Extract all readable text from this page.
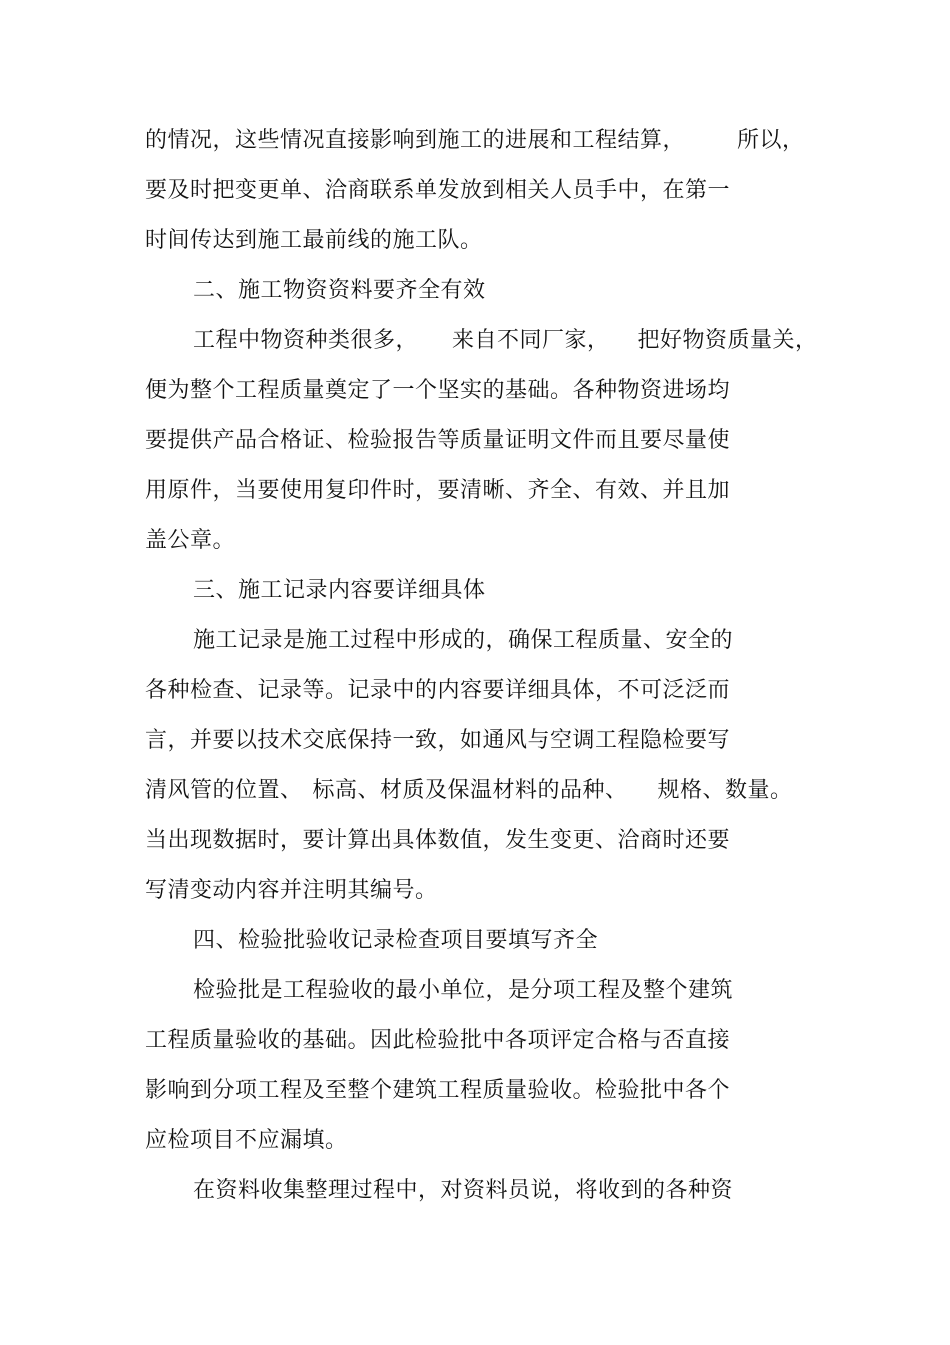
的情况，这些情况直接影响到施工的进展和工程结算， 所以，
要及时把变更单、洽商联系单发放到相关人员手中，在第一
时间传达到施工最前线的施工队。
二、施工物资资料要齐全有效
工程中物资种类很多， 来自不同厂家， 把好物资质量关，
便为整个工程质量奠定了一个坚实的基础。各种物资进场均
要提供产品合格证、检验报告等质量证明文件而且要尽量使
用原件，当要使用复印件时，要清晰、齐全、有效、并且加
盖公章。
三、施工记录内容要详细具体
施工记录是施工过程中形成的，确保工程质量、安全的
各种检查、记录等。记录中的内容要详细具体，不可泛泛而
言，并要以技术交底保持一致，如通风与空调工程隐检要写
清风管的位置、 标高、材质及保温材料的品种、 规格、数量。
当出现数据时，要计算出具体数值，发生变更、洽商时还要
写清变动内容并注明其编号。
四、检验批验收记录检查项目要填写齐全
检验批是工程验收的最小单位，是分项工程及整个建筑
工程质量验收的基础。因此检验批中各项评定合格与否直接
影响到分项工程及至整个建筑工程质量验收。检验批中各个
应检项目不应漏填。
在资料收集整理过程中，对资料员说，将收到的各种资
